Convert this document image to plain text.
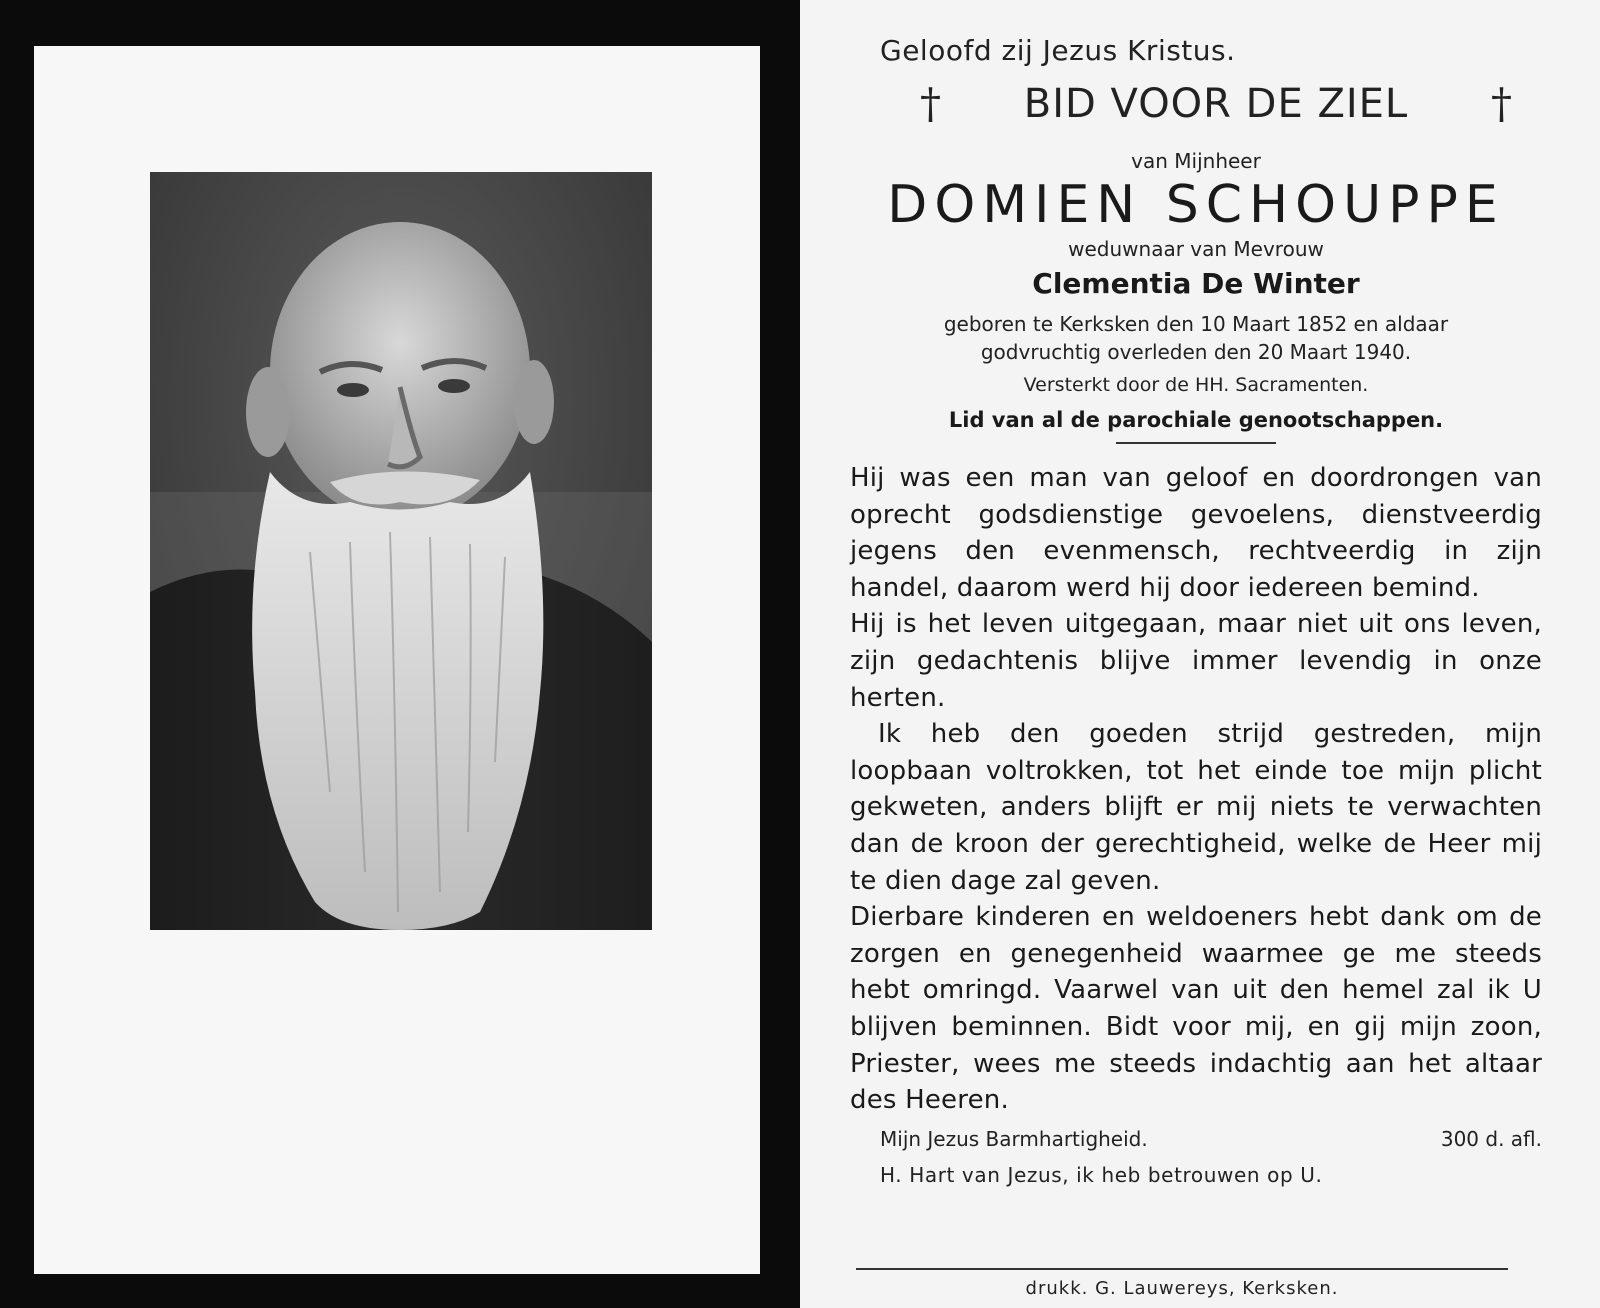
Geloofd zij Jezus Kristus.
† BID VOOR DE ZIEL †
van Mijnheer
DOMIEN SCHOUPPE
weduwnaar van Mevrouw
Clementia De Winter
geboren te Kerksken den 10 Maart 1852 en aldaar
godvruchtig overleden den 20 Maart 1940.
Versterkt door de HH. Sacramenten.
Lid van al de parochiale genootschappen.

Hij was een man van geloof en doordrongen van oprecht godsdienstige gevoelens, dienstveerdig jegens den evenmensch, rechtveerdig in zijn handel, daarom werd hij door iedereen bemind.

Hij is het leven uitgegaan, maar niet uit ons leven, zijn gedachtenis blijve immer levendig in onze herten.

Ik heb den goeden strijd gestreden, mijn loopbaan voltrokken, tot het einde toe mijn plicht gekweten, anders blijft er mij niets te verwachten dan de kroon der gerechtigheid, welke de Heer mij te dien dage zal geven.

Dierbare kinderen en weldoeners hebt dank om de zorgen en genegenheid waarmee ge me steeds hebt omringd. Vaarwel van uit den hemel zal ik U blijven beminnen. Bidt voor mij, en gij mijn zoon, Priester, wees me steeds indachtig aan het altaar des Heeren.

Mijn Jezus Barmhartigheid.	300 d. afl.
H. Hart van Jezus, ik heb betrouwen op U.
drukk. G. Lauwereys, Kerksken.
